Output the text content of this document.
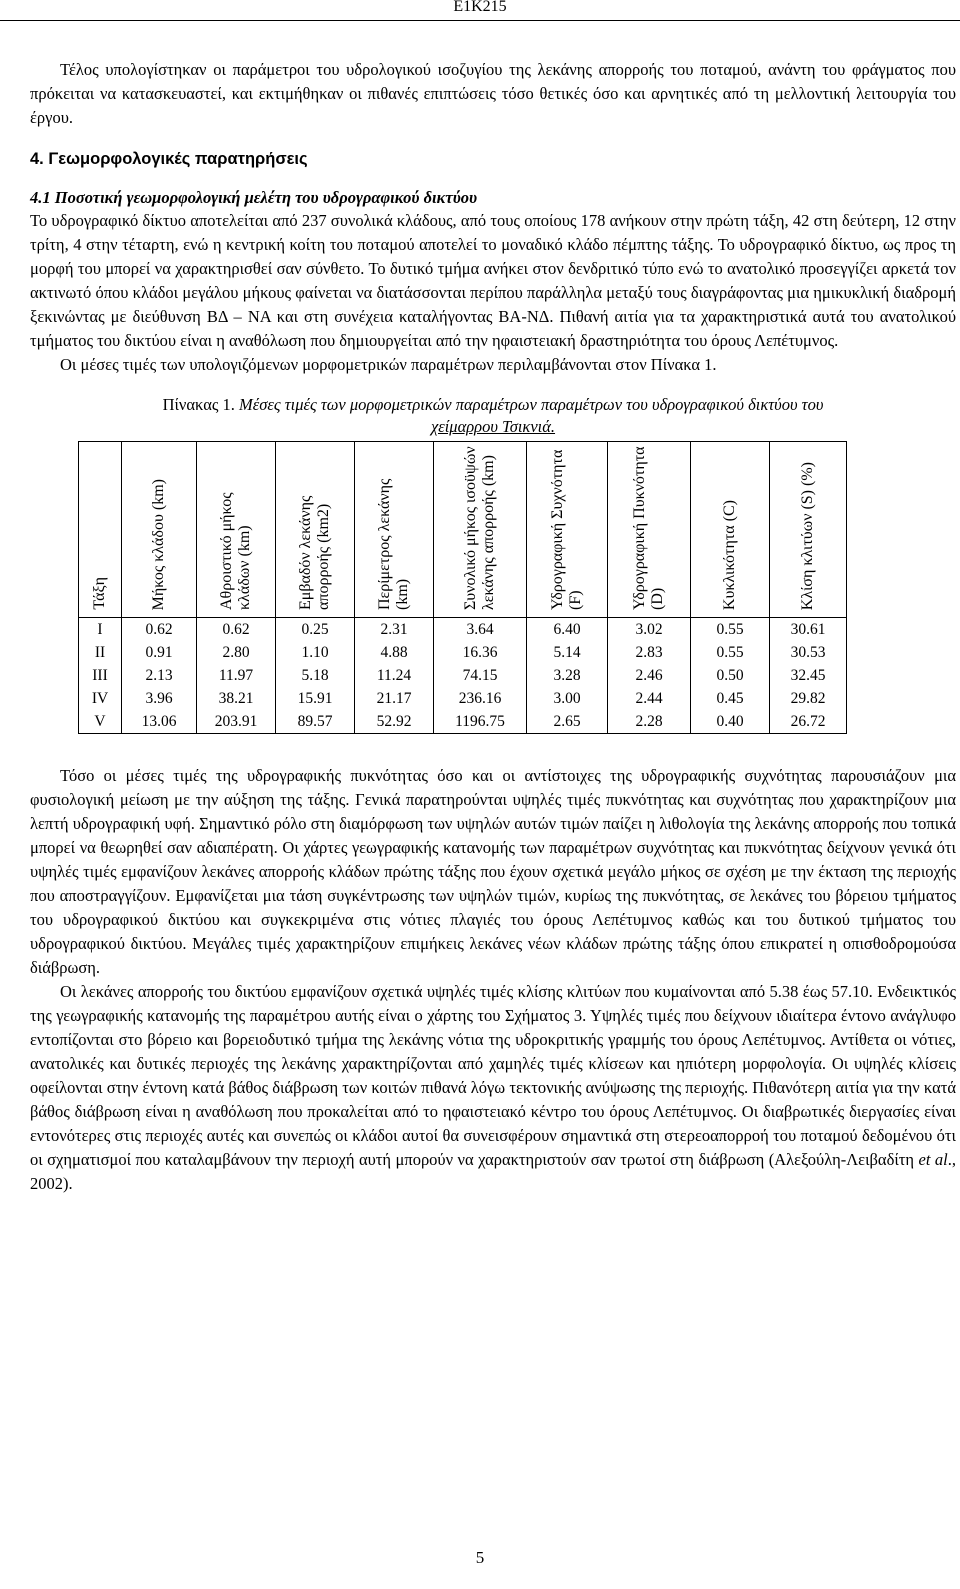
Ε1Κ215

Τέλος υπολογίστηκαν οι παράμετροι του υδρολογικού ισοζυγίου της λεκάνης απορροής του ποταμού, ανάντη του φράγματος που πρόκειται να κατασκευαστεί, και εκτιμήθηκαν οι πιθανές επιπτώσεις τόσο θετικές όσο και αρνητικές από τη μελλοντική λειτουργία του έργου.

4. Γεωμορφολογικές παρατηρήσεις
4.1 Ποσοτική γεωμορφολογική μελέτη του υδρογραφικού δικτύου

Το υδρογραφικό δίκτυο αποτελείται από 237 συνολικά κλάδους, από τους οποίους 178 ανήκουν στην πρώτη τάξη, 42 στη δεύτερη, 12 στην τρίτη, 4 στην τέταρτη, ενώ η κεντρική κοίτη του ποταμού αποτελεί το μοναδικό κλάδο πέμπτης τάξης. Το υδρογραφικό δίκτυο, ως προς τη μορφή του μπορεί να χαρακτηρισθεί σαν σύνθετο. Το δυτικό τμήμα ανήκει στον δενδριτικό τύπο ενώ το ανατολικό προσεγγίζει αρκετά τον ακτινωτό όπου κλάδοι μεγάλου μήκους φαίνεται να διατάσσονται περίπου παράλληλα μεταξύ τους διαγράφοντας μια ημικυκλική διαδρομή ξεκινώντας με διεύθυνση ΒΔ – ΝΑ και στη συνέχεια καταλήγοντας ΒΑ-ΝΔ. Πιθανή αιτία για τα χαρακτηριστικά αυτά του ανατολικού τμήματος του δικτύου είναι η αναθόλωση που δημιουργείται από την ηφαιστειακή δραστηριότητα του όρους Λεπέτυμνος.

Οι μέσες τιμές των υπολογιζόμενων μορφομετρικών παραμέτρων περιλαμβάνονται στον Πίνακα 1.

Πίνακας 1. Μέσες τιμές των μορφομετρικών παραμέτρων παραμέτρων του υδρογραφικού δικτύου του
χείμαρρου Τσικνιά.
Τάξη	Μήκος κλάδου (km)	Αθροιστικό μήκος κλάδων (km)	Εμβαδόν λεκάνης απορροής (km2)	Περίμετρος λεκάνης (km)	Συνολικό μήκος ισοϋψών λεκάνης απορροής (km)	Υδρογραφική Συχνότητα (F)	Υδρογραφική Πυκνότητα (D)	Κυκλικότητα (C)	Κλίση κλιτύων (S) (%)
I	0.62	0.62	0.25	2.31	3.64	6.40	3.02	0.55	30.61
II	0.91	2.80	1.10	4.88	16.36	5.14	2.83	0.55	30.53
III	2.13	11.97	5.18	11.24	74.15	3.28	2.46	0.50	32.45
IV	3.96	38.21	15.91	21.17	236.16	3.00	2.44	0.45	29.82
V	13.06	203.91	89.57	52.92	1196.75	2.65	2.28	0.40	26.72

Τόσο οι μέσες τιμές της υδρογραφικής πυκνότητας όσο και οι αντίστοιχες της υδρογραφικής συχνότητας παρουσιάζουν μια φυσιολογική μείωση με την αύξηση της τάξης. Γενικά παρατηρούνται υψηλές τιμές πυκνότητας και συχνότητας που χαρακτηρίζουν μια λεπτή υδρογραφική υφή. Σημαντικό ρόλο στη διαμόρφωση των υψηλών αυτών τιμών παίζει η λιθολογία της λεκάνης απορροής που τοπικά μπορεί να θεωρηθεί σαν αδιαπέρατη. Οι χάρτες γεωγραφικής κατανομής των παραμέτρων συχνότητας και πυκνότητας δείχνουν γενικά ότι υψηλές τιμές εμφανίζουν λεκάνες απορροής κλάδων πρώτης τάξης που έχουν σχετικά μεγάλο μήκος σε σχέση με την έκταση της περιοχής που αποστραγγίζουν. Εμφανίζεται μια τάση συγκέντρωσης των υψηλών τιμών, κυρίως της πυκνότητας, σε λεκάνες του βόρειου τμήματος του υδρογραφικού δικτύου και συγκεκριμένα στις νότιες πλαγιές του όρους Λεπέτυμνος καθώς και του δυτικού τμήματος του υδρογραφικού δικτύου. Μεγάλες τιμές χαρακτηρίζουν επιμήκεις λεκάνες νέων κλάδων πρώτης τάξης όπου επικρατεί η οπισθοδρομούσα διάβρωση.

Οι λεκάνες απορροής του δικτύου εμφανίζουν σχετικά υψηλές τιμές κλίσης κλιτύων που κυμαίνονται από 5.38 έως 57.10. Ενδεικτικός της γεωγραφικής κατανομής της παραμέτρου αυτής είναι ο χάρτης του Σχήματος 3. Υψηλές τιμές που δείχνουν ιδιαίτερα έντονο ανάγλυφο εντοπίζονται στο βόρειο και βορειοδυτικό τμήμα της λεκάνης νότια της υδροκριτικής γραμμής του όρους Λεπέτυμνος. Αντίθετα οι νότιες, ανατολικές και δυτικές περιοχές της λεκάνης χαρακτηρίζονται από χαμηλές τιμές κλίσεων και ηπιότερη μορφολογία. Οι υψηλές κλίσεις οφείλονται στην έντονη κατά βάθος διάβρωση των κοιτών πιθανά λόγω τεκτονικής ανύψωσης της περιοχής. Πιθανότερη αιτία για την κατά βάθος διάβρωση είναι η αναθόλωση που προκαλείται από το ηφαιστειακό κέντρο του όρους Λεπέτυμνος. Οι διαβρωτικές διεργασίες είναι εντονότερες στις περιοχές αυτές και συνεπώς οι κλάδοι αυτοί θα συνεισφέρουν σημαντικά στη στερεοαπορροή του ποταμού δεδομένου ότι οι σχηματισμοί που καταλαμβάνουν την περιοχή αυτή μπορούν να χαρακτηριστούν σαν τρωτοί στη διάβρωση (Αλεξούλη-Λειβαδίτη et al., 2002).

5
